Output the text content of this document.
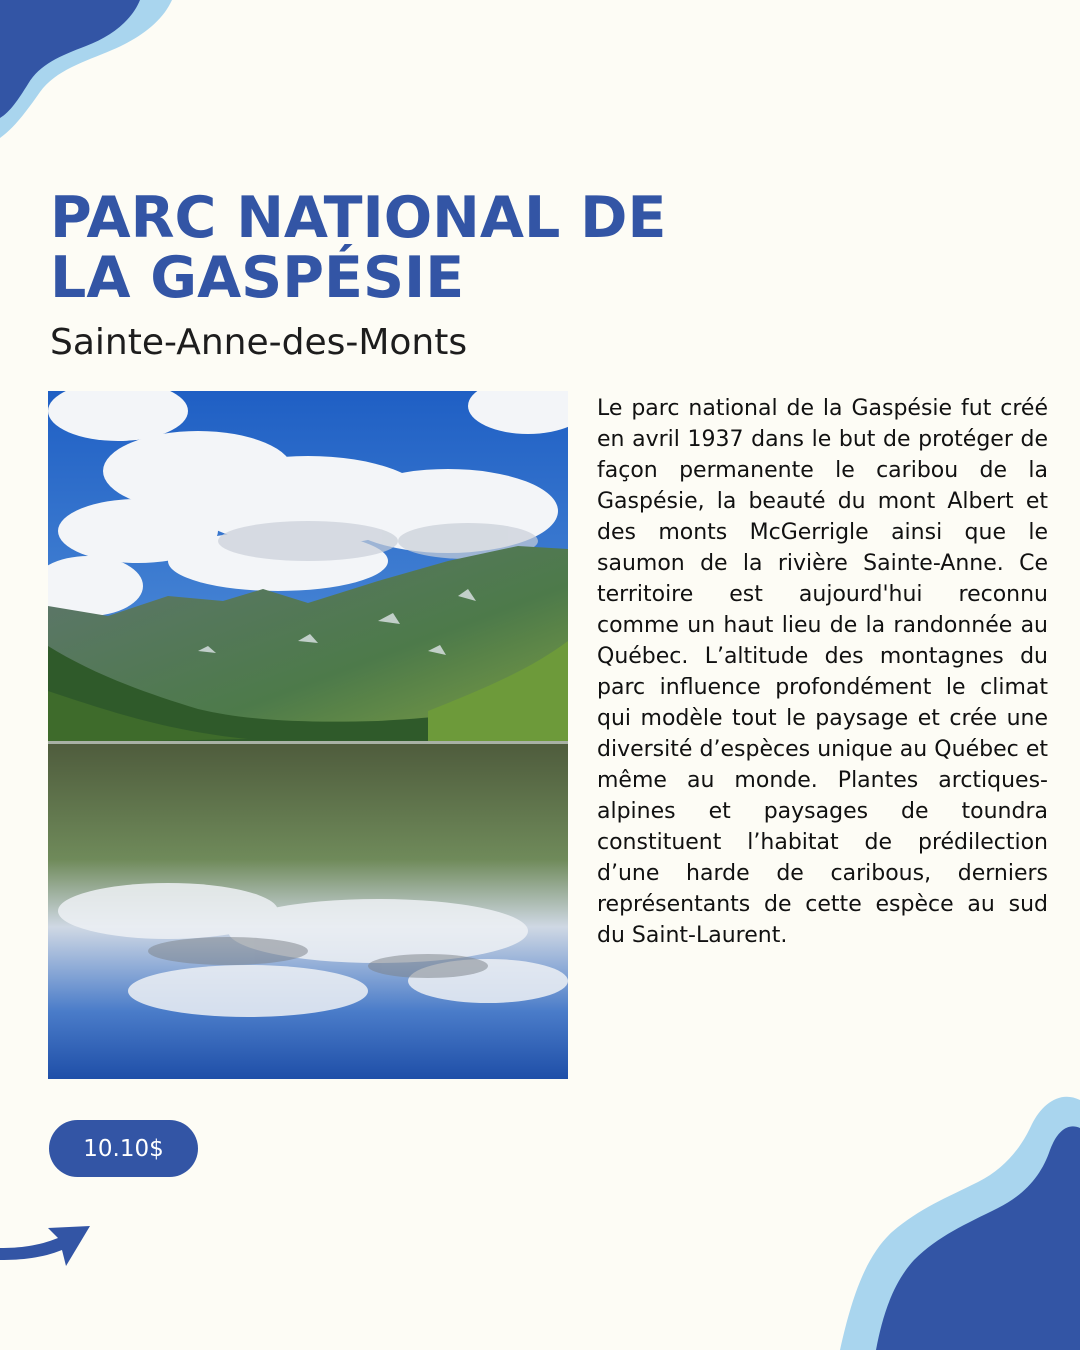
PARC NATIONAL DE
LA GASPÉSIE
Sainte-Anne-des-Monts

Le parc national de la Gaspésie fut créé en avril 1937 dans le but de protéger de façon permanente le caribou de la Gaspésie, la beauté du mont Albert et des monts McGerrigle ainsi que le saumon de la rivière Sainte-Anne. Ce territoire est aujourd'hui reconnu comme un haut lieu de la randonnée au Québec. L’altitude des montagnes du parc influence profondément le climat qui modèle tout le paysage et crée une diversité d’espèces unique au Québec et même au monde. Plantes arctiques-alpines et paysages de toundra constituent l’habitat de prédilection d’une harde de caribous, derniers représentants de cette espèce au sud du Saint-Laurent.

10.10$
